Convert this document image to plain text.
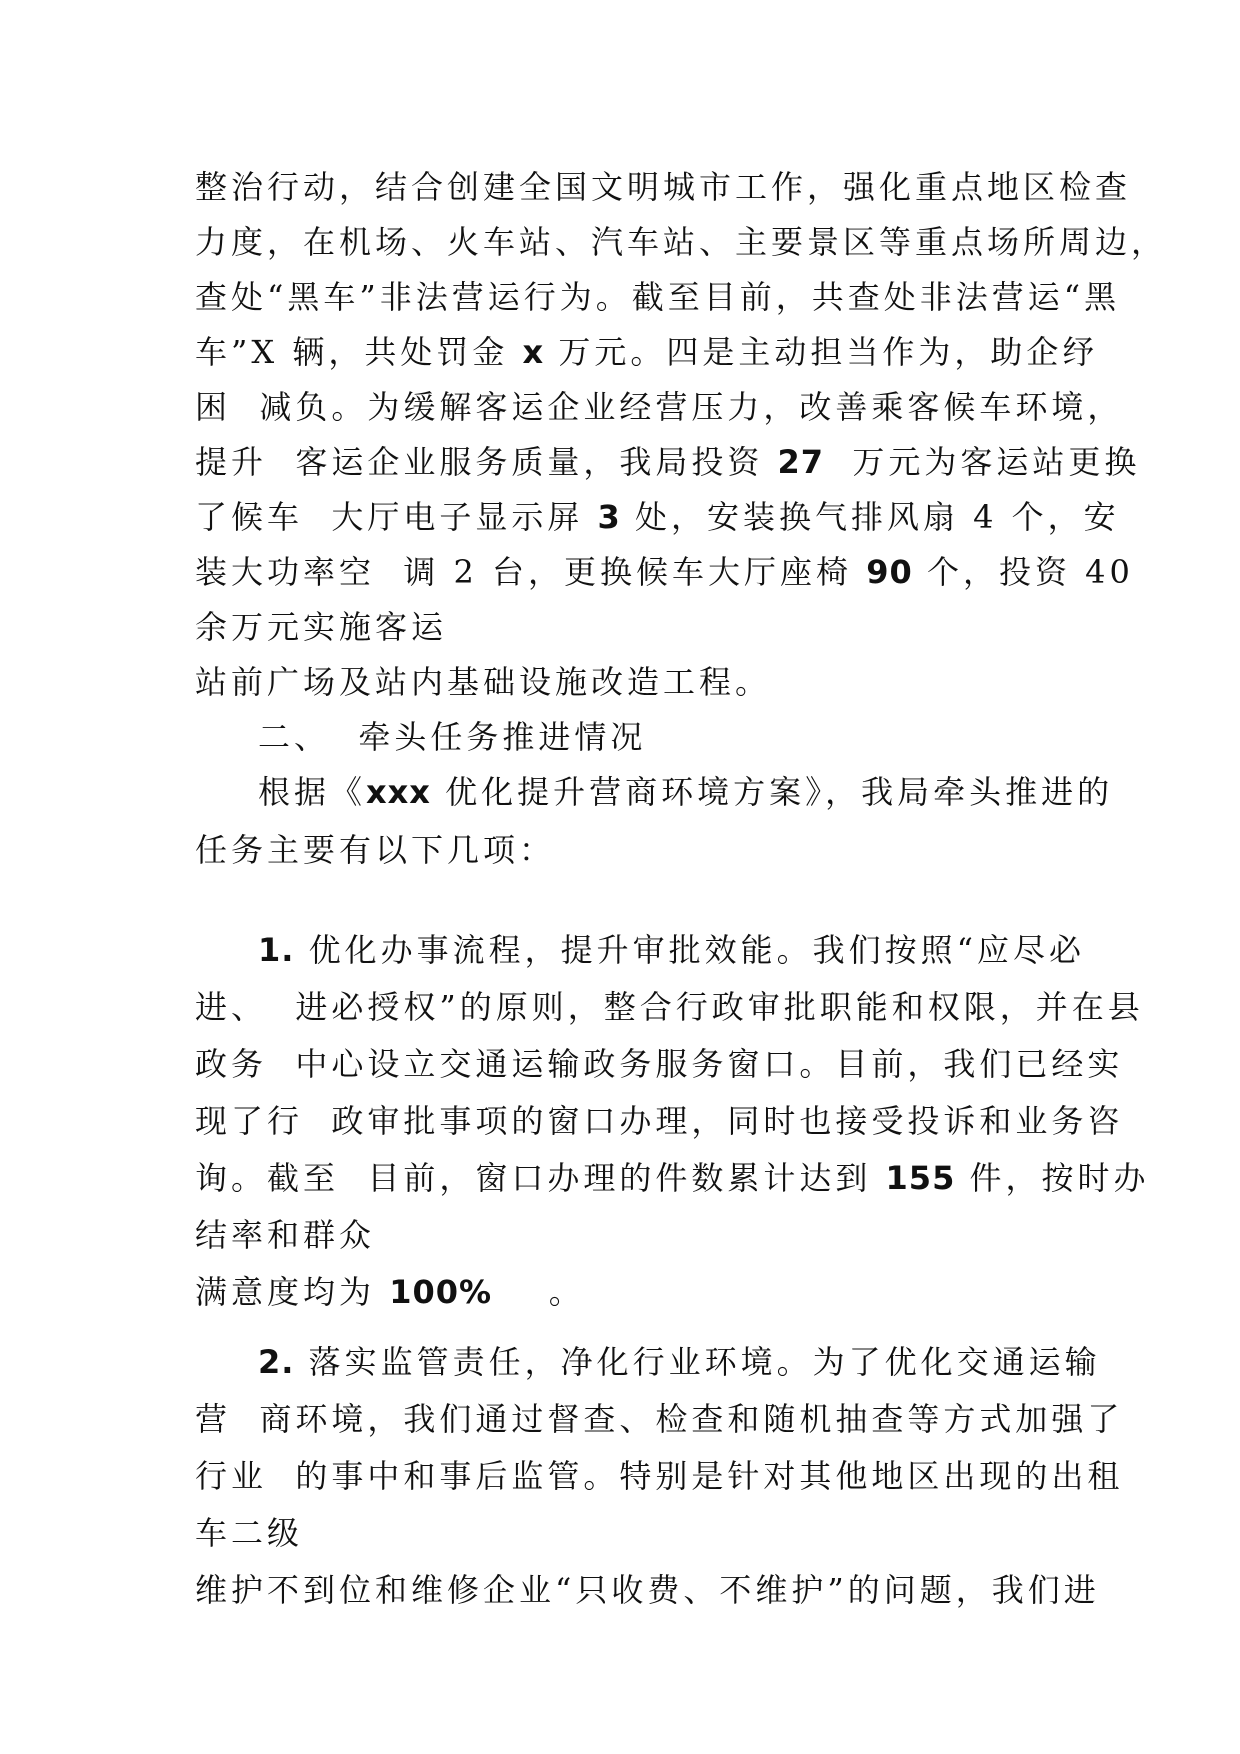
整治行动，结合创建全国文明城市工作，强化重点地区检查

力度，在机场、火车站、汽车站、主要景区等重点场所周边，

查处“黑车”非法营运行为。截至目前，共查处非法营运“黑

车”X 辆，共处罚金 x 万元。四是主动担当作为，助企纾

困  减负。为缓解客运企业经营压力，改善乘客候车环境，

提升  客运企业服务质量，我局投资 27  万元为客运站更换

了候车  大厅电子显示屏 3 处，安装换气排风扇 4 个，安

装大功率空  调 2 台，更换候车大厅座椅 90 个，投资 40

余万元实施客运

站前广场及站内基础设施改造工程。

二、  牵头任务推进情况

根据《xxx 优化提升营商环境方案》，我局牵头推进的

任务主要有以下几项：

1. 优化办事流程，提升审批效能。我们按照“应尽必

进、  进必授权”的原则，整合行政审批职能和权限，并在县

政务  中心设立交通运输政务服务窗口。目前，我们已经实

现了行  政审批事项的窗口办理，同时也接受投诉和业务咨

询。截至  目前，窗口办理的件数累计达到 155 件，按时办

结率和群众

满意度均为 100%    。

2. 落实监管责任，净化行业环境。为了优化交通运输

营  商环境，我们通过督查、检查和随机抽查等方式加强了

行业  的事中和事后监管。特别是针对其他地区出现的出租

车二级

维护不到位和维修企业“只收费、不维护”的问题，我们进
